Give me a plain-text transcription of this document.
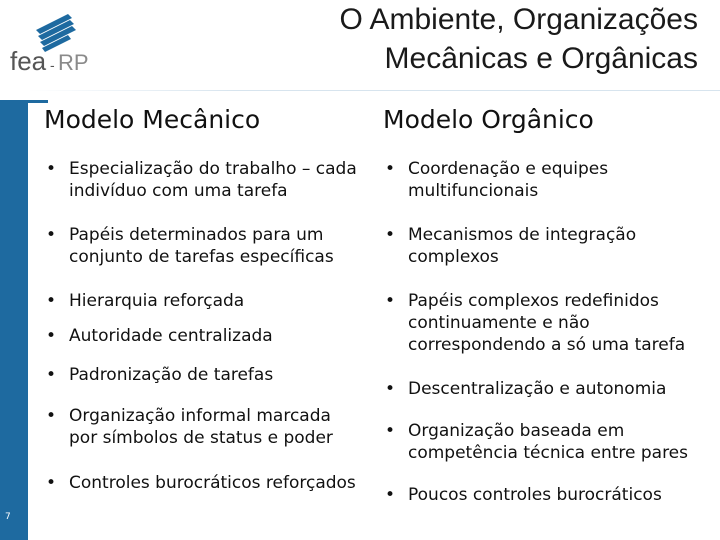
fea - RP
O Ambiente, Organizações
Mecânicas e Orgânicas
7
Modelo Mecânico
• Especialização do trabalho – cada indivíduo com uma tarefa
• Papéis determinados para um conjunto de tarefas específicas
• Hierarquia reforçada
• Autoridade centralizada
• Padronização de tarefas
• Organização informal marcada por símbolos de status e poder
• Controles burocráticos reforçados
Modelo Orgânico
• Coordenação e equipes multifuncionais
• Mecanismos de integração complexos
• Papéis complexos redefinidos continuamente e não correspondendo a só uma tarefa
• Descentralização e autonomia
• Organização baseada em competência técnica entre pares
• Poucos controles burocráticos
